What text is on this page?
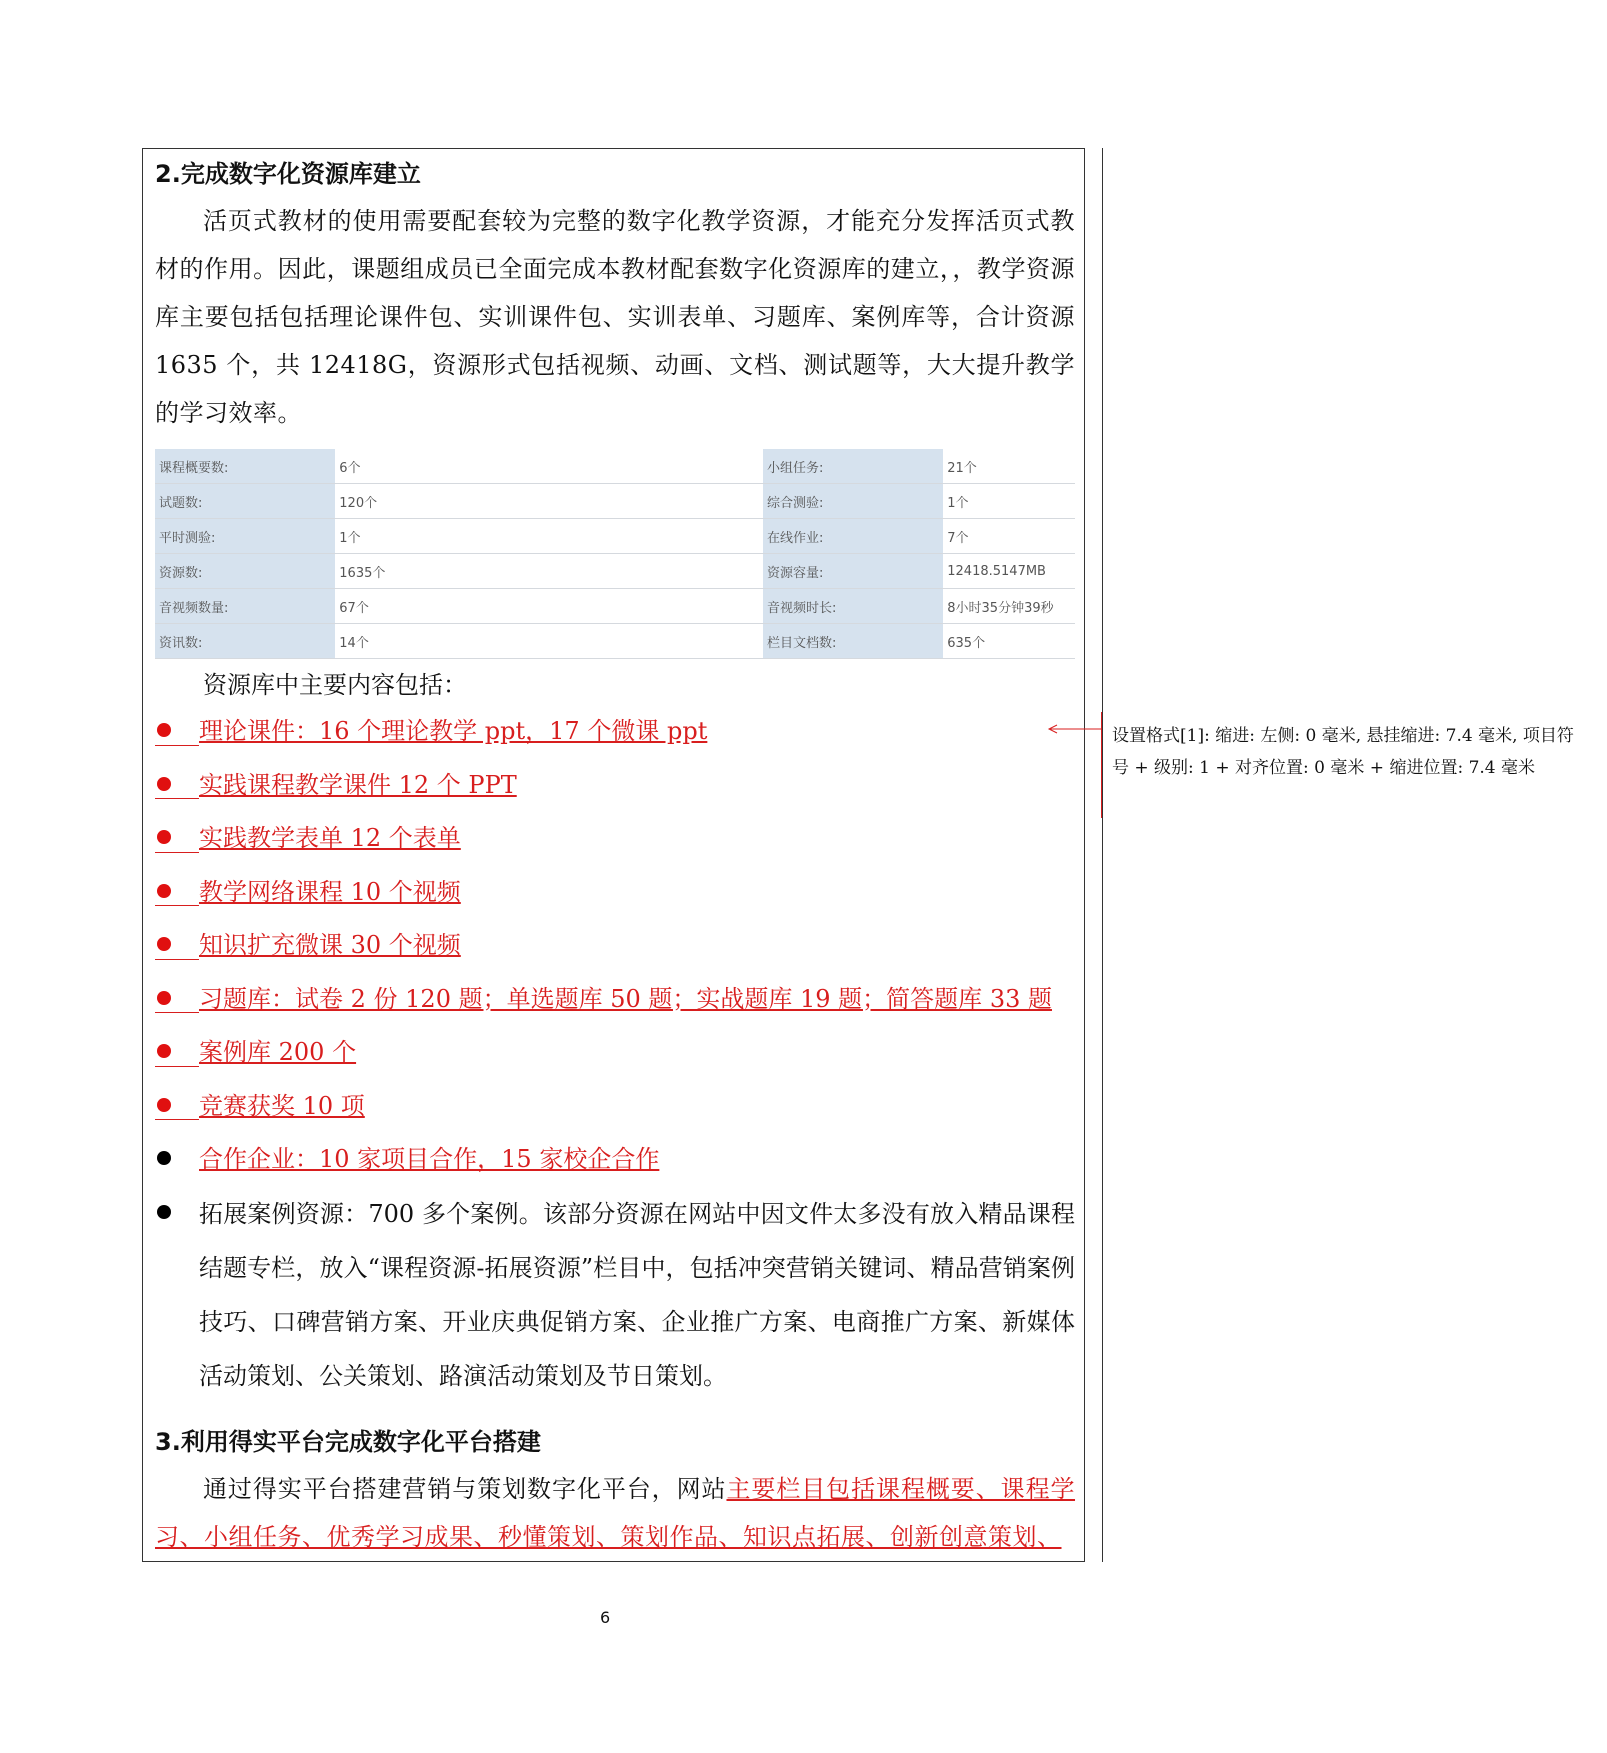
2.完成数字化资源库建立

活页式教材的使用需要配套较为完整的数字化教学资源，才能充分发挥活页式教材的作用。因此，课题组成员已全面完成本教材配套数字化资源库的建立，，教学资源库主要包括包括理论课件包、实训课件包、实训表单、习题库、案例库等，合计资源 1635 个，共 12418G，资源形式包括视频、动画、文档、测试题等，大大提升教学的学习效率。

课程概要数:	6个	小组任务:	21个
试题数:	120个	综合测验:	1个
平时测验:	1个	在线作业:	7个
资源数:	1635个	资源容量:	12418.5147MB
音视频数量:	67个	音视频时长:	8小时35分钟39秒
资讯数:	14个	栏目文档数:	635个

资源库中主要内容包括：

理论课件：16 个理论教学 ppt，17 个微课 ppt
实践课程教学课件 12 个 PPT
实践教学表单 12 个表单
教学网络课程 10 个视频
知识扩充微课 30 个视频
习题库：试卷 2 份 120 题；单选题库 50 题；实战题库 19 题；简答题库 33 题
案例库 200 个
竞赛获奖 10 项
合作企业：10 家项目合作，15 家校企合作
拓展案例资源：700 多个案例。该部分资源在网站中因文件太多没有放入精品课程结题专栏，放入“课程资源-拓展资源”栏目中，包括冲突营销关键词、精品营销案例技巧、口碑营销方案、开业庆典促销方案、企业推广方案、电商推广方案、新媒体活动策划、公关策划、路演活动策划及节日策划。
3.利用得实平台完成数字化平台搭建

通过得实平台搭建营销与策划数字化平台，网站主要栏目包括课程概要、课程学习、小组任务、优秀学习成果、秒懂策划、策划作品、知识点拓展、创新创意策划、

设置格式[1]: 缩进: 左侧: 0 毫米, 悬挂缩进: 7.4 毫米, 项目符号 + 级别: 1 + 对齐位置: 0 毫米 + 缩进位置: 7.4 毫米
6
